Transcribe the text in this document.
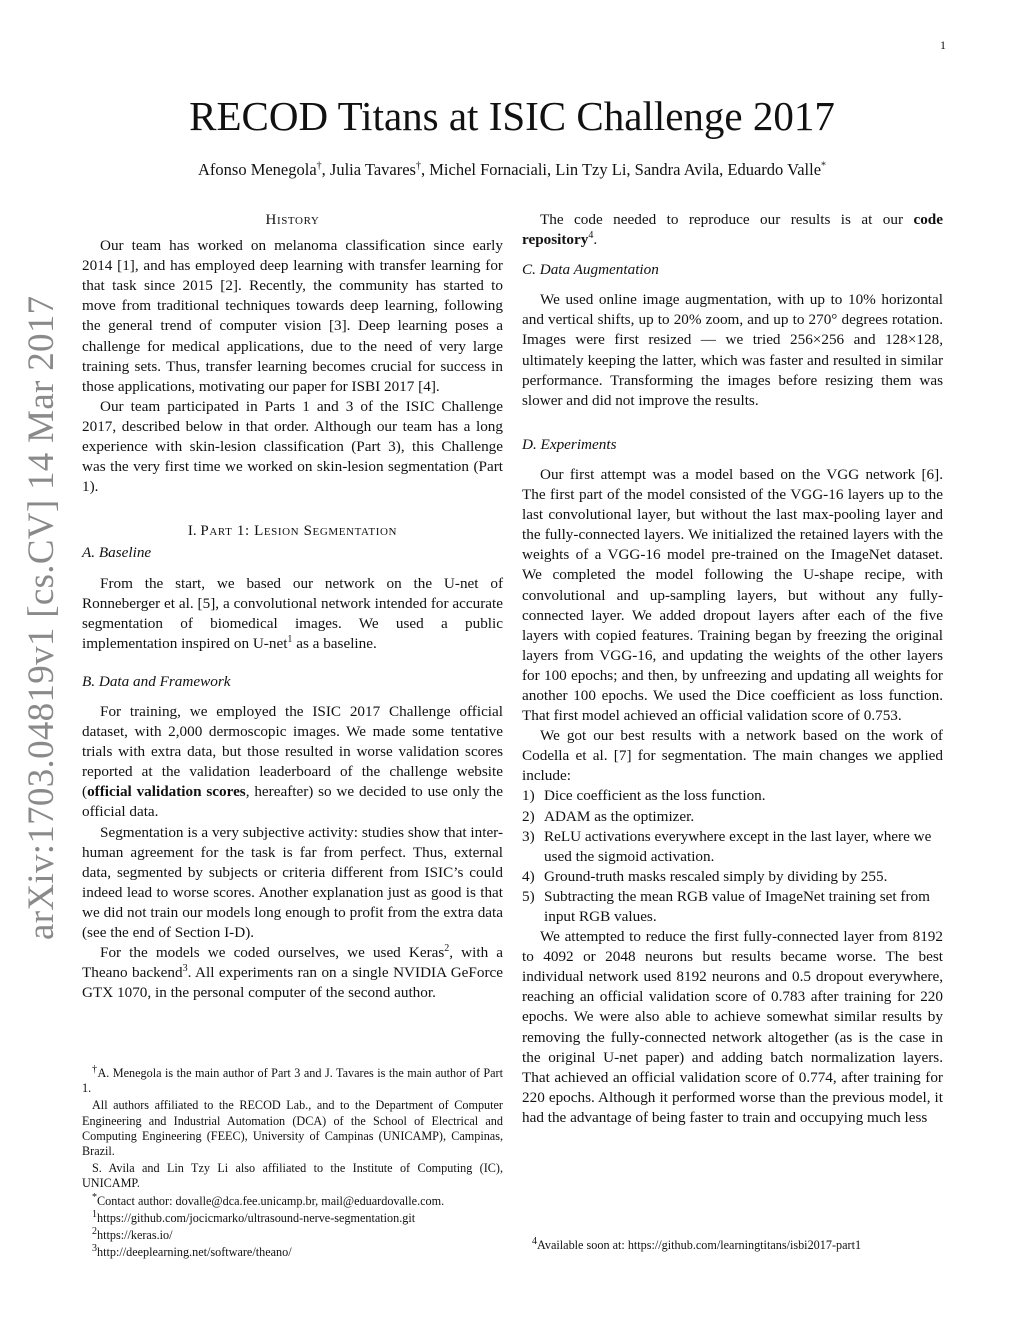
1
arXiv:1703.04819v1 [cs.CV] 14 Mar 2017
RECOD Titans at ISIC Challenge 2017
Afonso Menegola†, Julia Tavares†, Michel Fornaciali, Lin Tzy Li, Sandra Avila, Eduardo Valle*
History

Our team has worked on melanoma classification since early 2014 [1], and has employed deep learning with transfer learning for that task since 2015 [2]. Recently, the community has started to move from traditional techniques towards deep learning, following the general trend of computer vision [3]. Deep learning poses a challenge for medical applications, due to the need of very large training sets. Thus, transfer learning becomes crucial for success in those applications, motivating our paper for ISBI 2017 [4].

Our team participated in Parts 1 and 3 of the ISIC Challenge 2017, described below in that order. Although our team has a long experience with skin-lesion classification (Part 3), this Challenge was the very first time we worked on skin-lesion segmentation (Part 1).

I. Part 1: Lesion Segmentation
A. Baseline

From the start, we based our network on the U-net of Ronneberger et al. [5], a convolutional network intended for accurate segmentation of biomedical images. We used a public implementation inspired on U-net$^1$ as a baseline.

B. Data and Framework

For training, we employed the ISIC 2017 Challenge official dataset, with 2,000 dermoscopic images. We made some tentative trials with extra data, but those resulted in worse validation scores reported at the validation leaderboard of the challenge website (official validation scores, hereafter) so we decided to use only the official data.

Segmentation is a very subjective activity: studies show that inter-human agreement for the task is far from perfect. Thus, external data, segmented by subjects or criteria different from ISIC’s could indeed lead to worse scores. Another explanation just as good is that we did not train our models long enough to profit from the extra data (see the end of Section I-D).

For the models we coded ourselves, we used Keras$^2$, with a Theano backend$^3$. All experiments ran on a single NVIDIA GeForce GTX 1070, in the personal computer of the second author.

†A. Menegola is the main author of Part 3 and J. Tavares is the main author of Part 1.

All authors affiliated to the RECOD Lab., and to the Department of Computer Engineering and Industrial Automation (DCA) of the School of Electrical and Computing Engineering (FEEC), University of Campinas (UNICAMP), Campinas, Brazil.

S. Avila and Lin Tzy Li also affiliated to the Institute of Computing (IC), UNICAMP.

*Contact author: dovalle@dca.fee.unicamp.br, mail@eduardovalle.com.

$^1$https://github.com/jocicmarko/ultrasound-nerve-segmentation.git

$^2$https://keras.io/

$^3$http://deeplearning.net/software/theano/

The code needed to reproduce our results is at our code repository$^4$.

C. Data Augmentation

We used online image augmentation, with up to 10% horizontal and vertical shifts, up to 20% zoom, and up to 270° degrees rotation. Images were first resized — we tried 256×256 and 128×128, ultimately keeping the latter, which was faster and resulted in similar performance. Transforming the images before resizing them was slower and did not improve the results.

D. Experiments

Our first attempt was a model based on the VGG network [6]. The first part of the model consisted of the VGG-16 layers up to the last convolutional layer, but without the last max-pooling layer and the fully-connected layers. We initialized the retained layers with the weights of a VGG-16 model pre-trained on the ImageNet dataset. We completed the model following the U-shape recipe, with convolutional and up-sampling layers, but without any fully-connected layer. We added dropout layers after each of the five layers with copied features. Training began by freezing the original layers from VGG-16, and updating the weights of the other layers for 100 epochs; and then, by unfreezing and updating all weights for another 100 epochs. We used the Dice coefficient as loss function. That first model achieved an official validation score of 0.753.

We got our best results with a network based on the work of Codella et al. [7] for segmentation. The main changes we applied include:

1) Dice coefficient as the loss function.
2) ADAM as the optimizer.
3) ReLU activations everywhere except in the last layer, where we used the sigmoid activation.
4) Ground-truth masks rescaled simply by dividing by 255.
5) Subtracting the mean RGB value of ImageNet training set from input RGB values.

We attempted to reduce the first fully-connected layer from 8192 to 4092 or 2048 neurons but results became worse. The best individual network used 8192 neurons and 0.5 dropout everywhere, reaching an official validation score of 0.783 after training for 220 epochs. We were also able to achieve somewhat similar results by removing the fully-connected network altogether (as is the case in the original U-net paper) and adding batch normalization layers. That achieved an official validation score of 0.774, after training for 220 epochs. Although it performed worse than the previous model, it had the advantage of being faster to train and occupying much less

$^4$Available soon at: https://github.com/learningtitans/isbi2017-part1
